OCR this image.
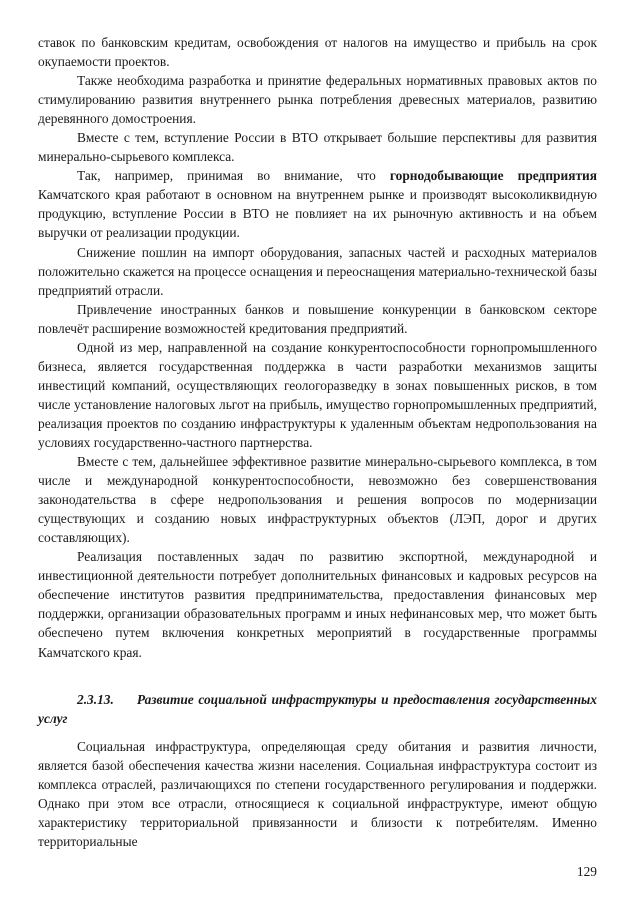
ставок по банковским кредитам, освобождения от налогов на имущество и прибыль на срок окупаемости проектов.

Также необходима разработка и принятие федеральных нормативных правовых актов по стимулированию развития внутреннего рынка потребления древесных материалов, развитию деревянного домостроения.

Вместе с тем, вступление России в ВТО открывает большие перспективы для развития минерально-сырьевого комплекса.

Так, например, принимая во внимание, что горнодобывающие предприятия Камчатского края работают в основном на внутреннем рынке и производят высоколиквидную продукцию, вступление России в ВТО не повлияет на их рыночную активность и на объем выручки от реализации продукции.

Снижение пошлин на импорт оборудования, запасных частей и расходных материалов положительно скажется на процессе оснащения и переоснащения материально-технической базы предприятий отрасли.

Привлечение иностранных банков и повышение конкуренции в банковском секторе повлечёт расширение возможностей кредитования предприятий.

Одной из мер, направленной на создание конкурентоспособности горнопромышленного бизнеса, является государственная поддержка в части разработки механизмов защиты инвестиций компаний, осуществляющих геологоразведку в зонах повышенных рисков, в том числе установление налоговых льгот на прибыль, имущество горнопромышленных предприятий, реализация проектов по созданию инфраструктуры к удаленным объектам недропользования на условиях государственно-частного партнерства.

Вместе с тем, дальнейшее эффективное развитие минерально-сырьевого комплекса, в том числе и международной конкурентоспособности, невозможно без совершенствования законодательства в сфере недропользования и решения вопросов по модернизации существующих и созданию новых инфраструктурных объектов (ЛЭП, дорог и других составляющих).

Реализация поставленных задач по развитию экспортной, международной и инвестиционной деятельности потребует дополнительных финансовых и кадровых ресурсов на обеспечение институтов развития предпринимательства, предоставления финансовых мер поддержки, организации образовательных программ и иных нефинансовых мер, что может быть обеспечено путем включения конкретных мероприятий в государственные программы Камчатского края.

2.3.13. Развитие социальной инфраструктуры и предоставления государственных услуг

Социальная инфраструктура, определяющая среду обитания и развития личности, является базой обеспечения качества жизни населения. Социальная инфраструктура состоит из комплекса отраслей, различающихся по степени государственного регулирования и поддержки. Однако при этом все отрасли, относящиеся к социальной инфраструктуре, имеют общую характеристику территориальной привязанности и близости к потребителям. Именно территориальные

129
